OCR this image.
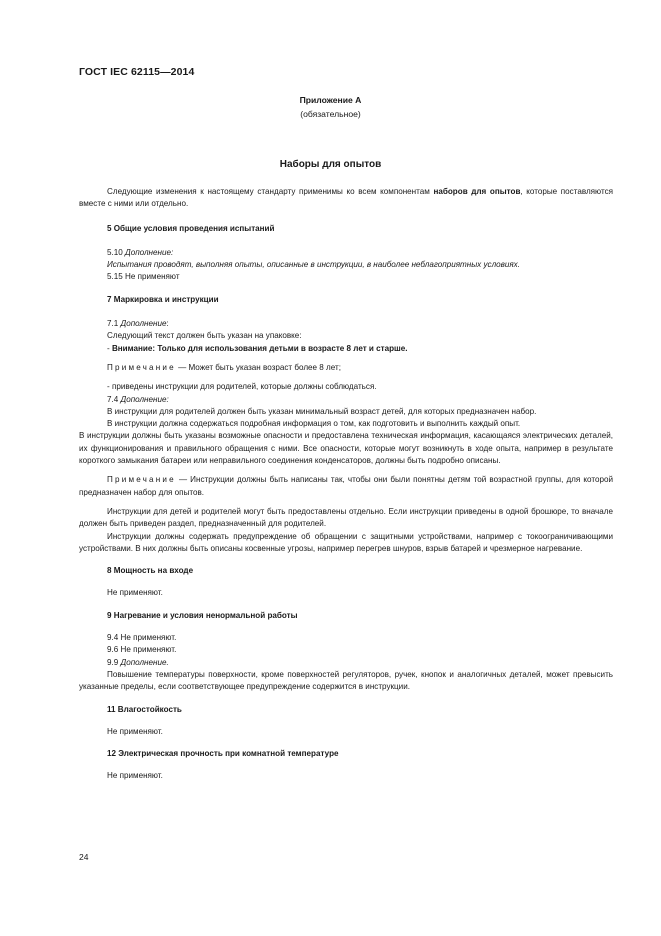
ГОСТ IEC 62115—2014
Приложение А
(обязательное)
Наборы для опытов

Следующие изменения к настоящему стандарту применимы ко всем компонентам наборов для опытов, которые поставляются вместе с ними или отдельно.

5 Общие условия проведения испытаний

5.10 Дополнение:

Испытания проводят, выполняя опыты, описанные в инструкции, в наиболее неблагоприятных условиях.

5.15 Не применяют

7 Маркировка и инструкции

7.1 Дополнение:

Следующий текст должен быть указан на упаковке:

- Внимание: Только для использования детьми в возрасте 8 лет и старше.

Примечание — Может быть указан возраст более 8 лет;

- приведены инструкции для родителей, которые должны соблюдаться.

7.4 Дополнение:

В инструкции для родителей должен быть указан минимальный возраст детей, для которых предназначен набор.

В инструкции должна содержаться подробная информация о том, как подготовить и выполнить каждый опыт.

В инструкции должны быть указаны возможные опасности и предоставлена техническая информация, касающаяся электрических деталей, их функционирования и правильного обращения с ними. Все опасности, которые могут возникнуть в ходе опыта, например в результате короткого замыкания батареи или неправильного соединения конденсаторов, должны быть подробно описаны.

Примечание — Инструкции должны быть написаны так, чтобы они были понятны детям той возрастной группы, для которой предназначен набор для опытов.

Инструкции для детей и родителей могут быть предоставлены отдельно. Если инструкции приведены в одной брошюре, то вначале должен быть приведен раздел, предназначенный для родителей.

Инструкции должны содержать предупреждение об обращении с защитными устройствами, например с токоограничивающими устройствами. В них должны быть описаны косвенные угрозы, например перегрев шнуров, взрыв батарей и чрезмерное нагревание.

8 Мощность на входе

Не применяют.

9 Нагревание и условия ненормальной работы

9.4 Не применяют.

9.6 Не применяют.

9.9 Дополнение.

Повышение температуры поверхности, кроме поверхностей регуляторов, ручек, кнопок и аналогичных деталей, может превысить указанные пределы, если соответствующее предупреждение содержится в инструкции.

11 Влагостойкость

Не применяют.

12 Электрическая прочность при комнатной температуре

Не применяют.

24
